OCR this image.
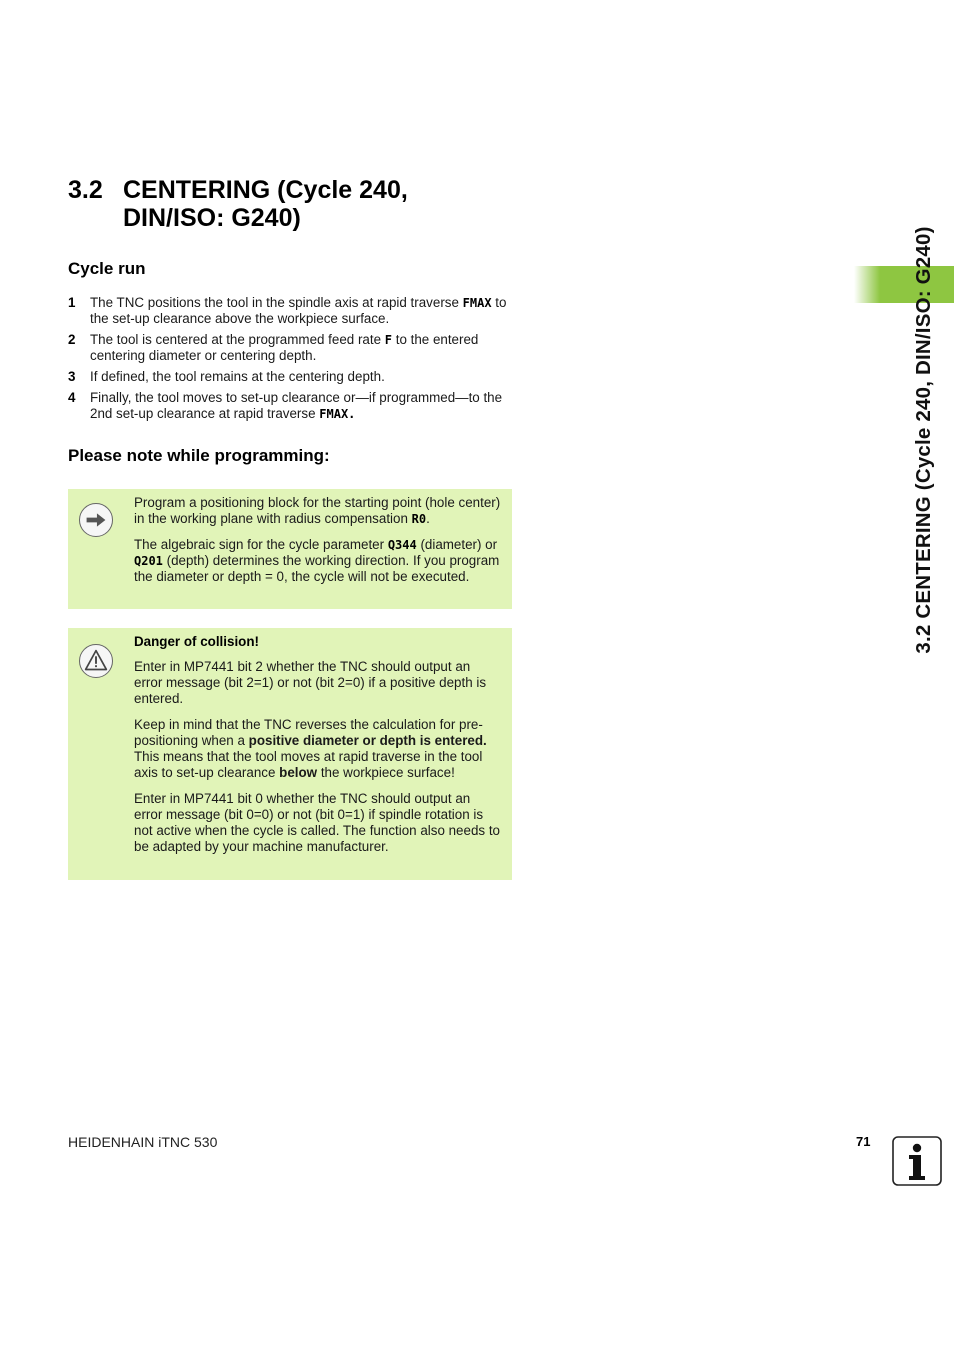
3.2 CENTERING (Cycle 240,
DIN/ISO: G240)
Cycle run
1	The TNC positions the tool in the spindle axis at rapid traverse FMAX to the set-up clearance above the workpiece surface.
2	The tool is centered at the programmed feed rate F to the entered centering diameter or centering depth.
3	If defined, the tool remains at the centering depth.
4	Finally, the tool moves to set-up clearance or—if programmed—to the 2nd set-up clearance at rapid traverse FMAX.
Please note while programming:

Program a positioning block for the starting point (hole center) in the working plane with radius compensation R0.

The algebraic sign for the cycle parameter Q344 (diameter) or Q201 (depth) determines the working direction. If you program the diameter or depth = 0, the cycle will not be executed.

Danger of collision!

Enter in MP7441 bit 2 whether the TNC should output an error message (bit 2=1) or not (bit 2=0) if a positive depth is entered.

Keep in mind that the TNC reverses the calculation for pre-positioning when a positive diameter or depth is entered. This means that the tool moves at rapid traverse in the tool axis to set-up clearance below the workpiece surface!

Enter in MP7441 bit 0 whether the TNC should output an error message (bit 0=0) or not (bit 0=1) if spindle rotation is not active when the cycle is called. The function also needs to be adapted by your machine manufacturer.

3.2 CENTERING (Cycle 240, DIN/ISO: G240)
HEIDENHAIN iTNC 530	71
